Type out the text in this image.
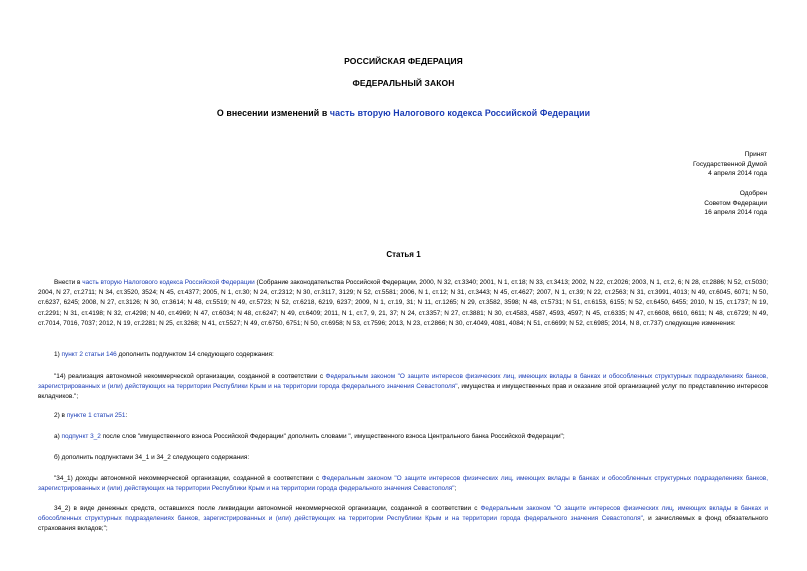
РОССИЙСКАЯ ФЕДЕРАЦИЯ
ФЕДЕРАЛЬНЫЙ ЗАКОН
О внесении изменений в часть вторую Налогового кодекса Российской Федерации
Принят
Государственной Думой
4 апреля 2014 года
Одобрен
Советом Федерации
16 апреля 2014 года
Статья 1

Внести в часть вторую Налогового кодекса Российской Федерации (Собрание законодательства Российской Федерации, 2000, N 32, ст.3340; 2001, N 1, ст.18; N 33, ст.3413; 2002, N 22, ст.2026; 2003, N 1, ст.2, 6; N 28, ст.2886; N 52, ст.5030; 2004, N 27, ст.2711; N 34, ст.3520, 3524; N 45, ст.4377; 2005, N 1, ст.30; N 24, ст.2312; N 30, ст.3117, 3129; N 52, ст.5581; 2006, N 1, ст.12; N 31, ст.3443; N 45, ст.4627; 2007, N 1, ст.39; N 22, ст.2563; N 31, ст.3991, 4013; N 49, ст.6045, 6071; N 50, ст.6237, 6245; 2008, N 27, ст.3126; N 30, ст.3614; N 48, ст.5519; N 49, ст.5723; N 52, ст.6218, 6219, 6237; 2009, N 1, ст.19, 31; N 11, ст.1265; N 29, ст.3582, 3598; N 48, ст.5731; N 51, ст.6153, 6155; N 52, ст.6450, 6455; 2010, N 15, ст.1737; N 19, ст.2291; N 31, ст.4198; N 32, ст.4298; N 40, ст.4969; N 47, ст.6034; N 48, ст.6247; N 49, ст.6409; 2011, N 1, ст.7, 9, 21, 37; N 24, ст.3357; N 27, ст.3881; N 30, ст.4583, 4587, 4593, 4597; N 45, ст.6335; N 47, ст.6608, 6610, 6611; N 48, ст.6729; N 49, ст.7014, 7016, 7037; 2012, N 19, ст.2281; N 25, ст.3268; N 41, ст.5527; N 49, ст.6750, 6751; N 50, ст.6958; N 53, ст.7596; 2013, N 23, ст.2866; N 30, ст.4049, 4081, 4084; N 51, ст.6699; N 52, ст.6985; 2014, N 8, ст.737) следующие изменения:

1) пункт 2 статьи 146 дополнить подпунктом 14 следующего содержания:

"14) реализация автономной некоммерческой организации, созданной в соответствии с Федеральным законом "О защите интересов физических лиц, имеющих вклады в банках и обособленных структурных подразделениях банков, зарегистрированных и (или) действующих на территории Республики Крым и на территории города федерального значения Севастополя", имущества и имущественных прав и оказание этой организацией услуг по представлению интересов вкладчиков.";

2) в пункте 1 статьи 251:

а) подпункт 3_2 после слов "имущественного взноса Российской Федерации" дополнить словами ", имущественного взноса Центрального банка Российской Федерации";

б) дополнить подпунктами 34_1 и 34_2 следующего содержания:

"34_1) доходы автономной некоммерческой организации, созданной в соответствии с Федеральным законом "О защите интересов физических лиц, имеющих вклады в банках и обособленных структурных подразделениях банков, зарегистрированных и (или) действующих на территории Республики Крым и на территории города федерального значения Севастополя";

34_2) в виде денежных средств, оставшихся после ликвидации автономной некоммерческой организации, созданной в соответствии с Федеральным законом "О защите интересов физических лиц, имеющих вклады в банках и обособленных структурных подразделениях банков, зарегистрированных и (или) действующих на территории Республики Крым и на территории города федерального значения Севастополя", и зачисляемых в фонд обязательного страхования вкладов;";
